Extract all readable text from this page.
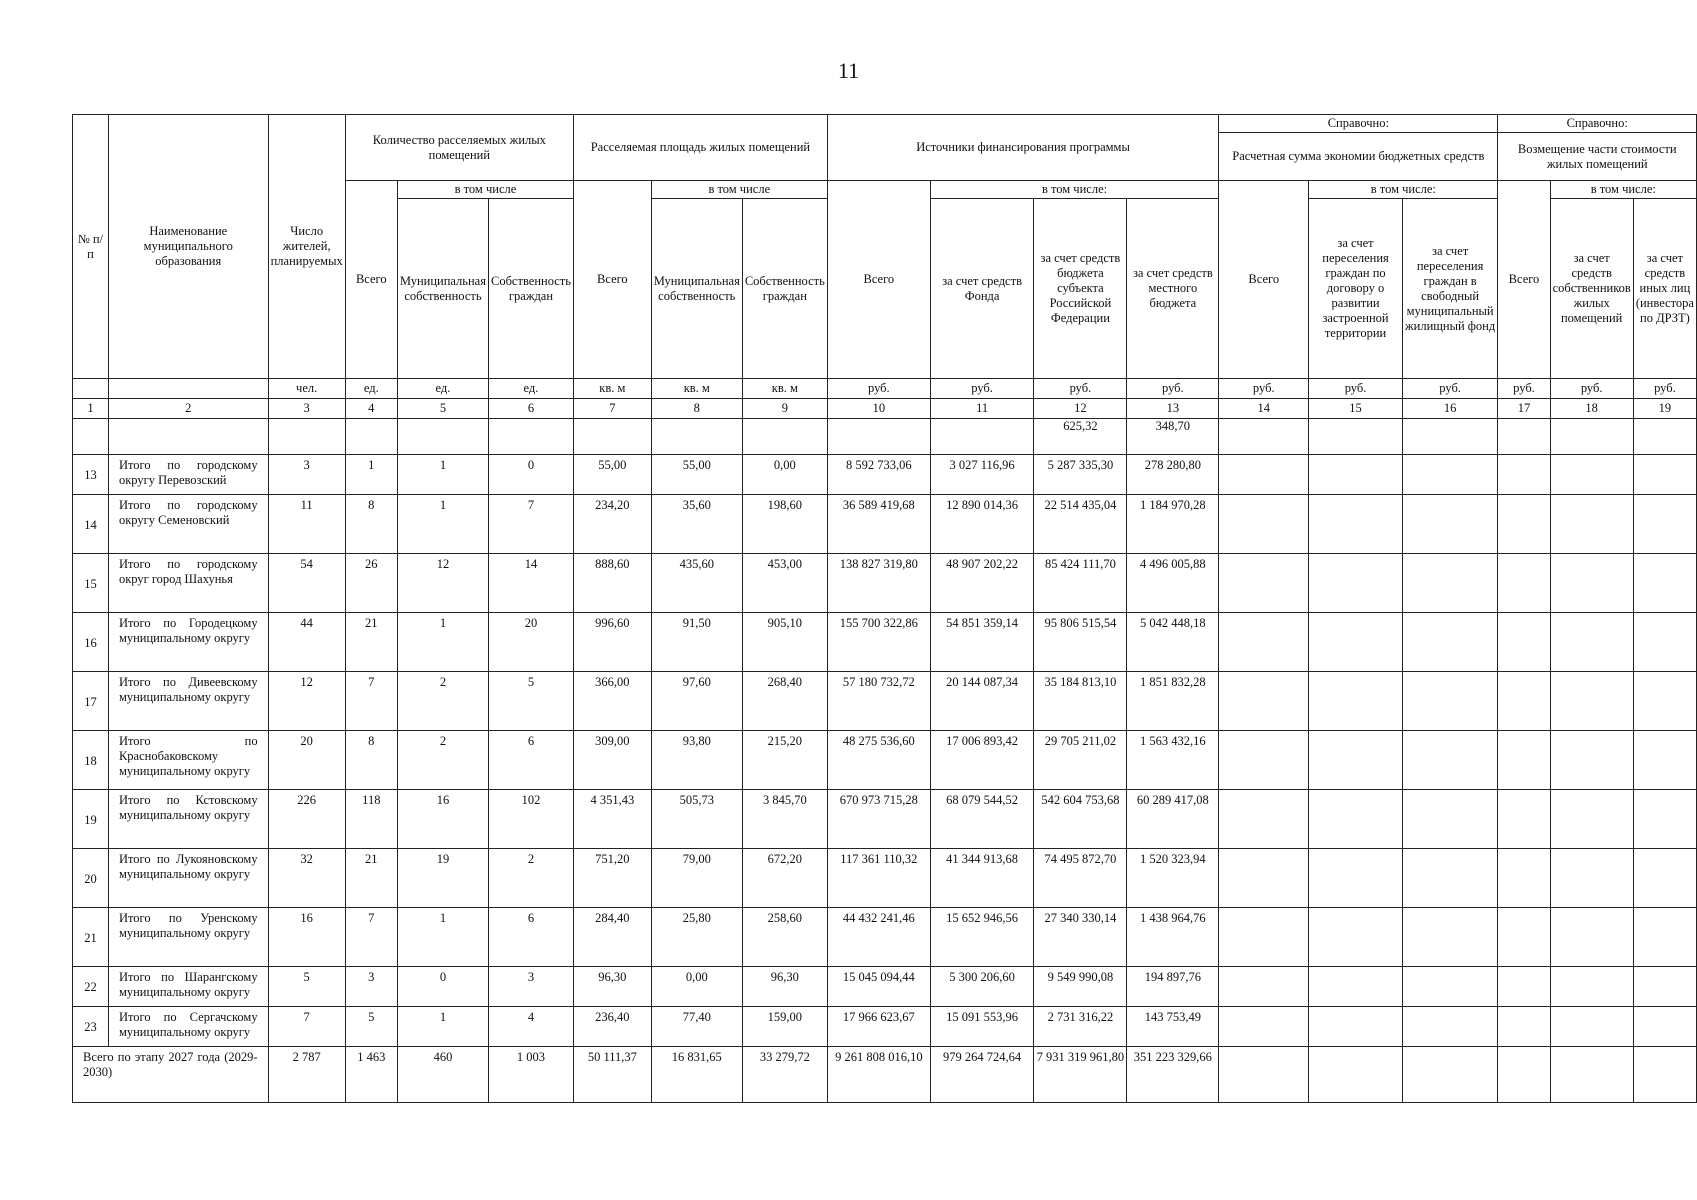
11
№ п/п	Наименование муниципального образования	Число жителей, планируемых	Количество расселяемых жилых помещений			Расселяемая площадь жилых помещений			Источники финансирования программы				Справочно:			Справочно:		
													Расчетная сумма экономии бюджетных средств			Возмещение части стоимости жилых помещений		
			Всего	в том числе		Всего	в том числе		Всего	в том числе:			Всего	в том числе:		Всего	в том числе:	
				Муниципальная собственность	Собственность граждан		Муниципальная собственность	Собственность граждан		за счет средств Фонда	за счет средств бюджета субъекта Российской Федерации	за счет средств местного бюджета		за счет переселения граждан по договору о развитии застроенной территории	за счет переселения граждан в свободный муниципальный жилищный фонд		за счет средств собственников жилых помещений	за счет средств иных лиц (инвестора по ДРЗТ)
		чел.	ед.	ед.	ед.	кв. м	кв. м	кв. м	руб.	руб.	руб.	руб.	руб.	руб.	руб.	руб.	руб.	руб.
1	2	3	4	5	6	7	8	9	10	11	12	13	14	15	16	17	18	19
											625,32	348,70						
13	Итого по городскому округу Перевозский	3	1	1	0	55,00	55,00	0,00	8 592 733,06	3 027 116,96	5 287 335,30	278 280,80						
14	Итого по городскому округу Семеновский	11	8	1	7	234,20	35,60	198,60	36 589 419,68	12 890 014,36	22 514 435,04	1 184 970,28						
15	Итого по городскому округ город Шахунья	54	26	12	14	888,60	435,60	453,00	138 827 319,80	48 907 202,22	85 424 111,70	4 496 005,88						
16	Итого по Городецкому муниципальному округу	44	21	1	20	996,60	91,50	905,10	155 700 322,86	54 851 359,14	95 806 515,54	5 042 448,18						
17	Итого по Дивеевскому муниципальному округу	12	7	2	5	366,00	97,60	268,40	57 180 732,72	20 144 087,34	35 184 813,10	1 851 832,28						
18	Итого по Краснобаковскому муниципальному округу	20	8	2	6	309,00	93,80	215,20	48 275 536,60	17 006 893,42	29 705 211,02	1 563 432,16						
19	Итого по Кстовскому муниципальному округу	226	118	16	102	4 351,43	505,73	3 845,70	670 973 715,28	68 079 544,52	542 604 753,68	60 289 417,08						
20	Итого по Лукояновскому муниципальному округу	32	21	19	2	751,20	79,00	672,20	117 361 110,32	41 344 913,68	74 495 872,70	1 520 323,94						
21	Итого по Уренскому муниципальному округу	16	7	1	6	284,40	25,80	258,60	44 432 241,46	15 652 946,56	27 340 330,14	1 438 964,76						
22	Итого по Шарангскому муниципальному округу	5	3	0	3	96,30	0,00	96,30	15 045 094,44	5 300 206,60	9 549 990,08	194 897,76						
23	Итого по Сергачскому муниципальному округу	7	5	1	4	236,40	77,40	159,00	17 966 623,67	15 091 553,96	2 731 316,22	143 753,49						
Всего по этапу 2027 года (2029-2030)		2 787	1 463	460	1 003	50 111,37	16 831,65	33 279,72	9 261 808 016,10	979 264 724,64	7 931 319 961,80	351 223 329,66						
